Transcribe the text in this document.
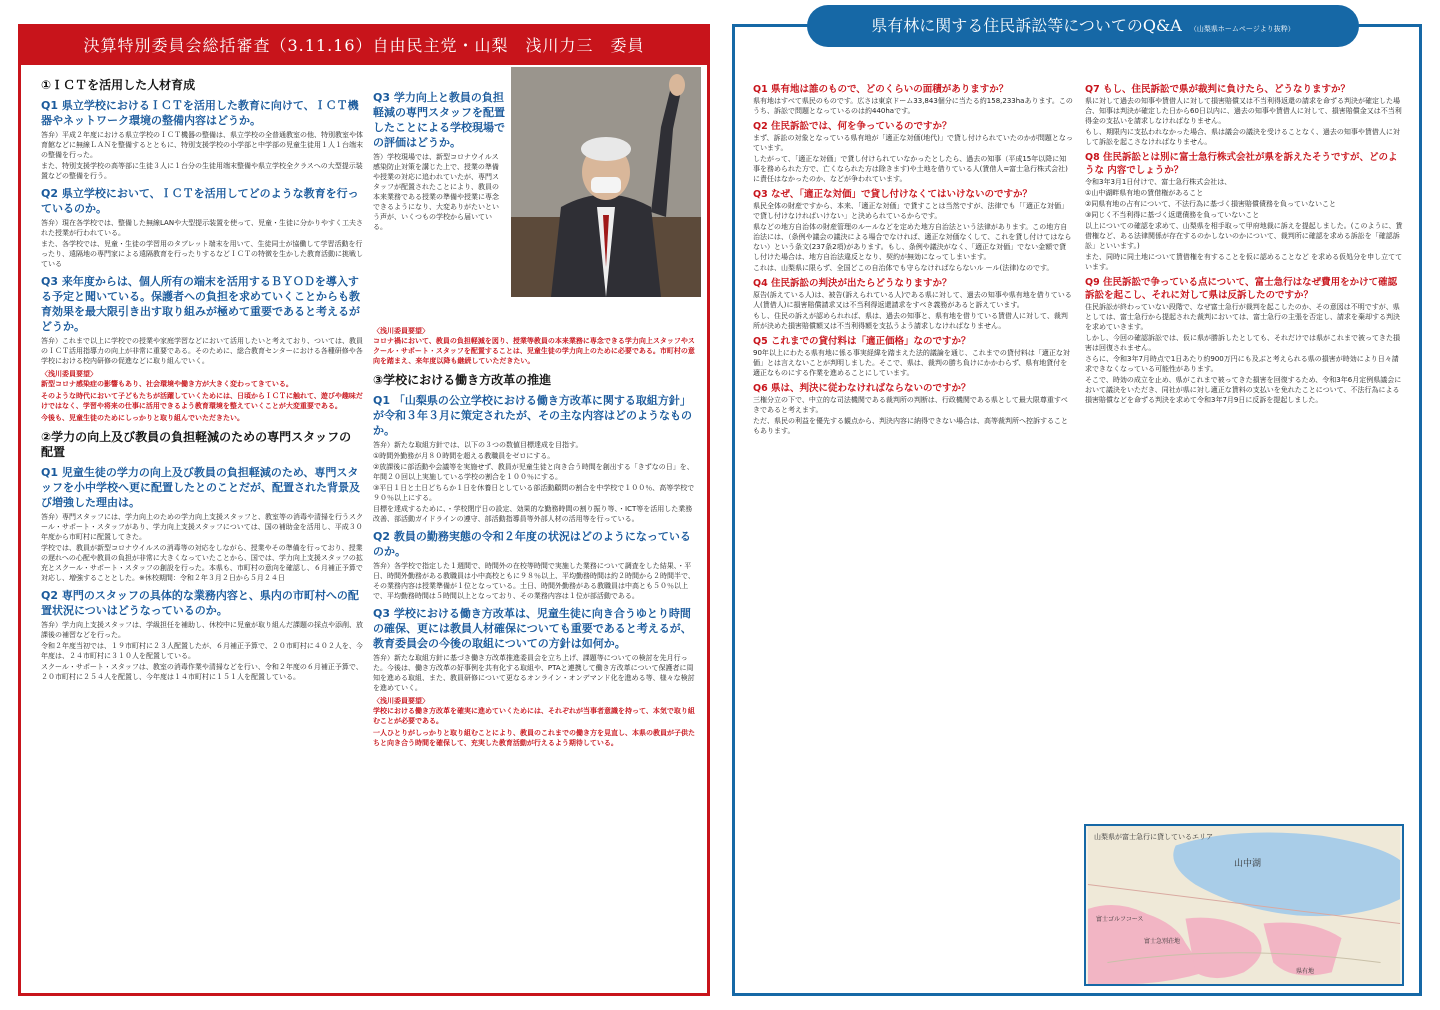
決算特別委員会総括審査（3.11.16）自由民主党・山梨　浅川力三　委員
①ＩＣＴを活用した人材育成
Q1 県立学校におけるＩＣＴを活用した教育に向けて、ＩＣＴ機器やネットワーク環境の整備内容はどうか。
答弁）平成２年度における県立学校のＩＣＴ機器の整備は、県立学校の全普通教室の他、特別教室や体育館などに無線ＬＡＮを整備するとともに、特別支援学校の小学部と中学部の児童生徒用１人１台端末の整備を行った。
また、特別支援学校の高等部に生徒３人に１台分の生徒用端末整備や県立学校全クラスへの大型提示装置などの整備を行う。
Q2 県立学校において、ＩＣＴを活用してどのような教育を行っているのか。
答弁）現在各学校では、整備した無線LANや大型提示装置を使って、児童・生徒に分かりやすく工夫された授業が行われている。
また、各学校では、児童・生徒の学習用のタブレット端末を用いて、生徒同士が協働して学習活動を行ったり、遠隔地の専門家による遠隔教育を行ったりするなどＩＣＴの特徴を生かした教育活動に挑戦している
Q3 来年度からは、個人所有の端末を活用するＢＹＯＤを導入する予定と聞いている。保護者への負担を求めていくことからも教育効果を最大限引き出す取り組みが極めて重要であると考えるがどうか。
答弁）これまで以上に学校での授業や家庭学習などにおいて活用したいと考えており、ついては、教員のＩＣＴ活用指導力の向上が非常に重要である。そのために、総合教育センターにおける各種研修や各学校における校内研修の促進などに取り組んでいく。
〈浅川委員要望〉
新型コロナ感染症の影響もあり、社会環境や働き方が大きく変わってきている。
そのような時代において子どもたちが活躍していくためには、日頃からＩＣＴに触れて、遊びや趣味だけではなく、学習や将来の仕事に活用できるよう教育環境を整えていくことが大変重要である。
今後も、児童生徒のためにしっかりと取り組んでいただきたい。
②学力の向上及び教員の負担軽減のための専門スタッフの配置
Q1 児童生徒の学力の向上及び教員の負担軽減のため、専門スタッフを小中学校へ更に配置したとのことだが、配置された背景及び増強した理由は。
答弁）専門スタッフには、学力向上のための学力向上支援スタッフと、教室等の消毒や清掃を行うスクール・サポート・スタッフがあり、学力向上支援スタッフについては、国の補助金を活用し、平成３０年度から市町村に配置してきた。
学校では、教員が新型コロナウイルスの消毒等の対応をしながら、授業やその準備を行っており、授業の遅れへの心配や教員の負担が非常に大きくなっていたことから、国では、学力向上支援スタッフの拡充とスクール・サポート・スタッフの創設を行った。本県も、市町村の意向を確認し、６月補正予算で対応し、増強することとした。※休校期間：令和２年３月２日から５月２４日
Q2 専門のスタッフの具体的な業務内容と、県内の市町村への配置状況についはどうなっているのか。
答弁）学力向上支援スタッフは、学級担任を補助し、休校中に児童が取り組んだ課題の採点や添削、放課後の補習などを行った。
令和２年度当初では、１９市町村に２３人配置したが、６月補正予算で、２０市町村に４０２人を、今年度は、２４市町村に３１０人を配置している。
スクール・サポート・スタッフは、教室の消毒作業や清掃などを行い、令和２年度の６月補正予算で、２０市町村に２５４人を配置し、今年度は１４市町村に１５１人を配置している。
Q3 学力向上と教員の負担軽減の専門スタッフを配置したことによる学校現場での評価はどうか。
答）学校現場では、新型コロナウイルス感染防止対策を講じた上で、授業の準備や授業の対応に追われていたが、専門スタッフが配置されたことにより、教員の本来業務である授業の準備や授業に専念できるようになり、大変ありがたいという声が、いくつもの学校から届いている。
〈浅川委員要望〉
コロナ禍において、教員の負担軽減を図り、授業等教員の本来業務に専念できる学力向上スタッフやスクール・サポート・スタッフを配置することは、児童生徒の学力向上のために必要である。市町村の意向を踏まえ、来年度以降も継続していただきたい。
③学校における働き方改革の推進
Q1 「山梨県の公立学校における働き方改革に関する取組方針」が令和３年３月に策定されたが、その主な内容はどのようなものか。
答弁）新たな取組方針では、以下の３つの数値目標達成を目指す。
①時間外勤務が月８０時間を超える教職員をゼロにする。
②放課後に部活動や会議等を実施せず、教員が児童生徒と向き合う時間を創出する「きずなの日」を、年間２０回以上実施している学校の割合を１００％にする。
③平日１日と土日どちらか１日を休養日としている部活動顧問の割合を中学校で１００％、高等学校で９０％以上にする。
目標を達成するために、・学校閉庁日の設定、効果的な勤務時間の割り振り等、・ICT等を活用した業務改善、部活動ガイドラインの遵守、部活動指導員等外部人材の活用等を行っている。
Q2 教員の勤務実態の令和２年度の状況はどのようになっているのか。
答弁）各学校で指定した１週間で、時間外の在校等時間で実施した業務について調査をした結果、・平日、時間外勤務がある教職員は小中高校ともに９８％以上、平均勤務時間は約２時間から２時間半で、その業務内容は授業準備が１位となっている。土日、時間外勤務がある教職員は中高とも５０％以上で、平均勤務時間は５時間以上となっており、その業務内容は１位が部活動である。
Q3 学校における働き方改革は、児童生徒に向き合うゆとり時間の確保、更には教員人材確保についても重要であると考えるが、教育委員会の今後の取組についての方針は如何か。
答弁）新たな取組方針に基づき働き方改革推進委員会を立ち上げ、課題等についての検討を先月行った。今後は、働き方改革の好事例を共有化する取組や、PTAと連携して働き方改革について保護者に周知を進める取組、また、教員研修について更なるオンライン・オンデマンド化を進める等、様々な検討を進めていく。
〈浅川委員要望〉
学校における働き方改革を確実に進めていくためには、それぞれが当事者意識を持って、本気で取り組むことが必要である。
一人ひとりがしっかりと取り組むことにより、教員のこれまでの働き方を見直し、本県の教員が子供たちと向き合う時間を確保して、充実した教育活動が行えるよう期待している。
県有林に関する住民訴訟等についてのQ&A （山梨県ホームページより抜粋）
Q1 県有地は誰のもので、どのくらいの面積がありますか？
県有地はすべて県民のものです。広さは東京ドーム33,843個分に当たる約158,233haあります。このうち、訴訟で問題となっているのは約440haです。
Q2 住民訴訟では、何を争っているのですか？
まず、訴訟の対象となっている県有地が「適正な対価(地代)」で貸し付けられていたのかが問題となっています。
したがって、「適正な対価」で貸し付けられていなかったとしたら、過去の知事（平成15年以降に知事を務められた方で、亡くなられた方は除きます)や土地を借りている人(賃借人=富士急行株式会社)に責任はなかったのか、などが争われています。
Q3 なぜ、「適正な対価」で貸し付けなくてはいけないのですか？
県民全体の財産ですから、本来、「適正な対価」で貸すことは当然ですが、法律でも「「適正な対価」で貸し付けなければいけない」と決められているからです。
県などの地方自治体の財産管理のルールなどを定めた地方自治法という法律があります。この地方自治法には、（条例や議会の議決による場合でなければ、適正な対価なくして、これを貸し付けてはならない）という条文(237条2項)があります。もし、条例や議決がなく、「適正な対価」でない金額で貸し付けた場合は、地方自治法違反となり、契約が無効になってしまいます。
これは、山梨県に限らず、全国どこの自治体でも守らなければならないル ール(法律)なのです。
Q4 住民訴訟の判決が出たらどうなりますか？
原告(訴えている人)は、被告(訴えられている人)である県に対して、過去の知事や県有地を借りている人(賃借人)に損害賠償請求又は不当利得返還請求をすべき義務があると訴えています。
もし、住民の訴えが認められれば、県は、過去の知事と、県有地を借りている賃借人に対して、裁判所が決めた損害賠償額又は不当利得額を支払うよう請求しなければなりません。
Q5 これまでの貸付料は「適正価格」なのですか？
90年以上にわたる県有地に係る事実経緯を踏まえた法的議論を通じ、これまでの貸付料は「適正な対価」とは言えないことが判明しました。そこで、県は、裁判の勝ち負けにかかわらず、県有地貸付を適正なものにする作業を進めることにしています。
Q6 県は、判決に従わなければならないのですか？
三権分立の下で、中立的な司法機関である裁判所の判断は、行政機関である県として最大限尊重すべきであると考えます。
ただ、県民の利益を優先する観点から、判決内容に納得できない場合は、高等裁判所へ控訴することもあります。
Q7 もし、住民訴訟で県が裁判に負けたら、どうなりますか？
県に対して過去の知事や賃借人に対して損害賠償又は不当利得返還の請求を命ずる判決が確定した場合、知事は判決が確定した日から60日以内に、過去の知事や賃借人に対して、損害賠償金又は不当利得金の支払いを請求しなければなりません。
もし、期限内に支払われなかった場合、県は議会の議決を受けることなく、過去の知事や賃借人に対して訴訟を起こさなければなりません。
Q8 住民訴訟とは別に富士急行株式会社が県を訴えたそうですが、どのような 内容でしょうか？
令和3年3月1日付けで、富士急行株式会社は、
①山中湖畔県有地の賃借権があること
②同県有地の占有について、不法行為に基づく損害賠償債務を負っていないこと
③同じく不当利得に基づく返還債務を負っていないこと
以上についての確認を求めて、山梨県を相手取って甲府地裁に訴えを提起しました。(このように、賃借権など、ある法律関係が存在するのかしないのかについて、裁判所に確認を求める訴訟を「確認訴訟」といいます。)
また、同時に同土地について賃借権を有することを仮に認めることなど を求める仮処分を申し立てています。
Q9 住民訴訟で争っている点について、富士急行はなぜ費用をかけて確認訴訟を起こし、それに対して県は反訴したのですか？
住民訴訟が終わっていない段階で、なぜ富士急行が裁判を起こしたのか、その意図は不明ですが、県としては、富士急行から提起された裁判においては、富士急行の主張を否定し、請求を棄却する判決を求めていきます。
しかし、今回の確認訴訟では、仮に県が勝訴したとしても、それだけでは県がこれまで被ってきた損害は回復されません。
さらに、令和3年7月時点で1日あたり約900万円にも及ぶと考えられる県の損害が時効により日々請求できなくなっている可能性があります。
そこで、時効の成立を止め、県がこれまで被ってきた損害を回復するため、令和3年6月定例県議会において議決をいただき、同社が県に対し適正な賃料の支払いを免れたことについて、不法行為による損害賠償などを命ずる判決を求めて令和3年7月9日に反訴を提起しました。
山梨県が富士急行に貸しているエリア
山中湖
富士ゴルフコース
富士急別荘地
県有地
